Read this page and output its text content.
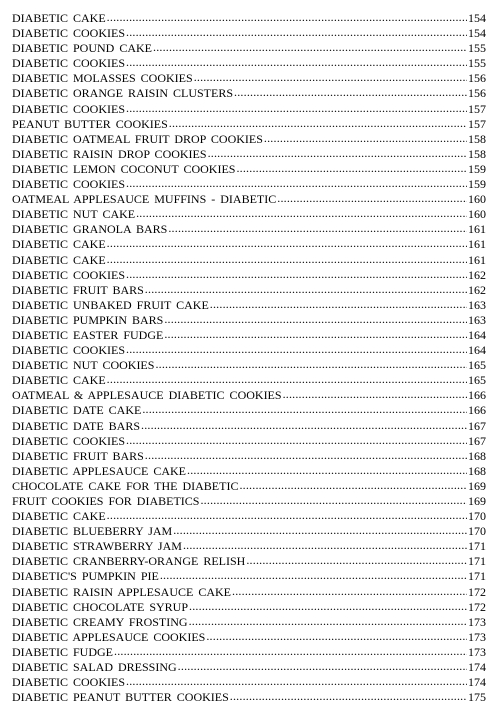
DIABETIC CAKE .....	154
DIABETIC COOKIES .....	154
DIABETIC POUND CAKE .....	155
DIABETIC COOKIES .....	155
DIABETIC MOLASSES COOKIES .....	156
DIABETIC ORANGE RAISIN CLUSTERS .....	156
DIABETIC COOKIES .....	157
PEANUT BUTTER COOKIES .....	157
DIABETIC OATMEAL FRUIT DROP COOKIES .....	158
DIABETIC RAISIN DROP COOKIES .....	158
DIABETIC LEMON COCONUT COOKIES .....	159
DIABETIC COOKIES .....	159
OATMEAL APPLESAUCE MUFFINS - DIABETIC .....	160
DIABETIC NUT CAKE .....	160
DIABETIC GRANOLA BARS .....	161
DIABETIC CAKE .....	161
DIABETIC CAKE .....	161
DIABETIC COOKIES .....	162
DIABETIC FRUIT BARS .....	162
DIABETIC UNBAKED FRUIT CAKE .....	163
DIABETIC PUMPKIN BARS .....	163
DIABETIC EASTER FUDGE .....	164
DIABETIC COOKIES .....	164
DIABETIC NUT COOKIES .....	165
DIABETIC CAKE .....	165
OATMEAL & APPLESAUCE DIABETIC COOKIES .....	166
DIABETIC DATE CAKE .....	166
DIABETIC DATE BARS .....	167
DIABETIC COOKIES .....	167
DIABETIC FRUIT BARS .....	168
DIABETIC APPLESAUCE CAKE .....	168
CHOCOLATE CAKE FOR THE DIABETIC .....	169
FRUIT COOKIES FOR DIABETICS .....	169
DIABETIC CAKE .....	170
DIABETIC BLUEBERRY JAM .....	170
DIABETIC STRAWBERRY JAM .....	171
DIABETIC CRANBERRY-ORANGE RELISH .....	171
DIABETIC'S PUMPKIN PIE .....	171
DIABETIC RAISIN APPLESAUCE CAKE .....	172
DIABETIC CHOCOLATE SYRUP .....	172
DIABETIC CREAMY FROSTING .....	173
DIABETIC APPLESAUCE COOKIES .....	173
DIABETIC FUDGE .....	173
DIABETIC SALAD DRESSING .....	174
DIABETIC COOKIES .....	174
DIABETIC PEANUT BUTTER COOKIES .....	175
